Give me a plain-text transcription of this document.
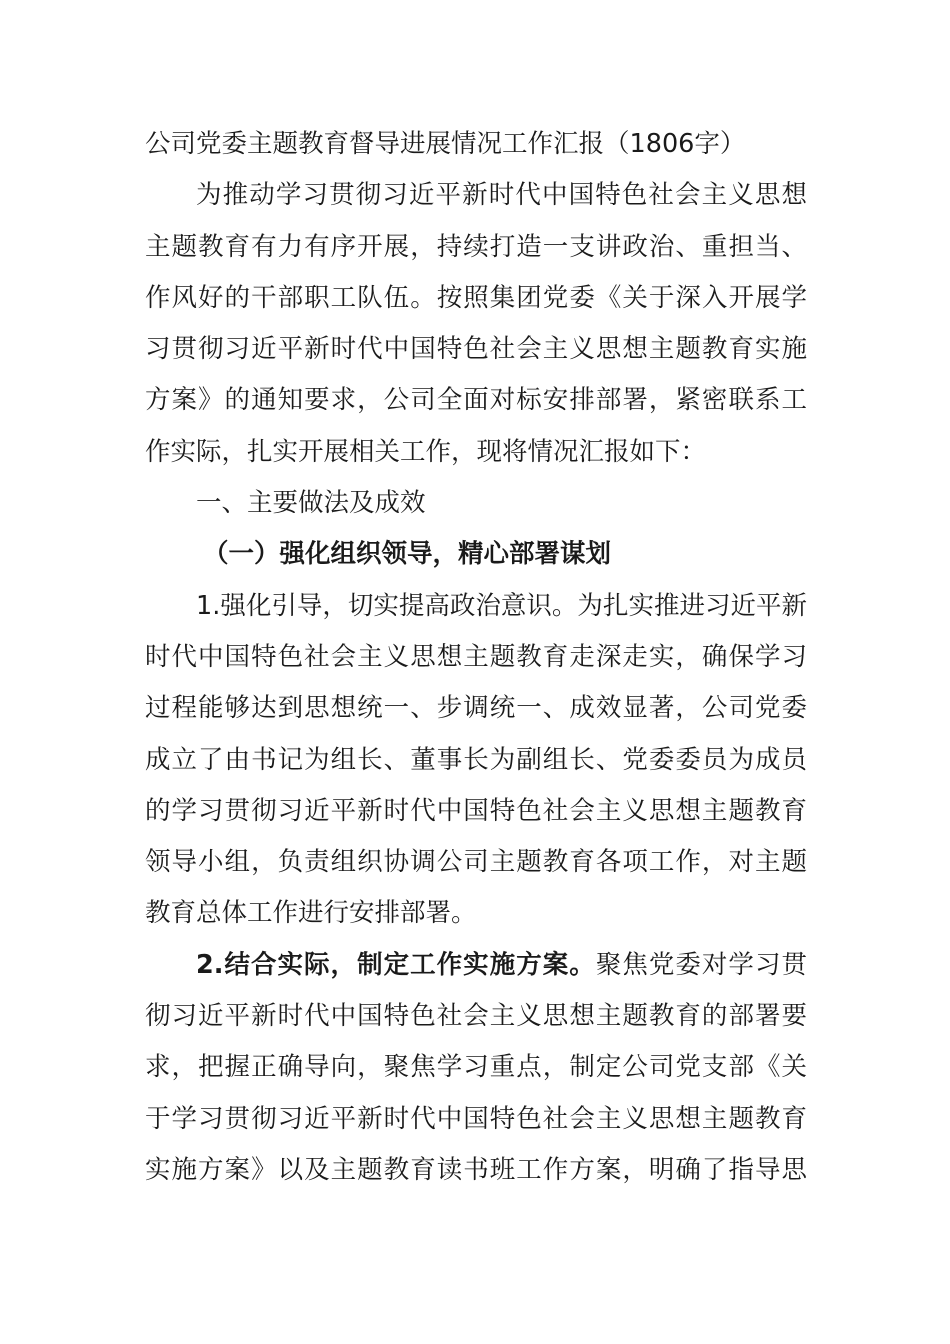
公司党委主题教育督导进展情况工作汇报（1806字）
为推动学习贯彻习近平新时代中国特色社会主义思想
主题教育有力有序开展，持续打造一支讲政治、重担当、
作风好的干部职工队伍。按照集团党委《关于深入开展学
习贯彻习近平新时代中国特色社会主义思想主题教育实施
方案》的通知要求，公司全面对标安排部署，紧密联系工
作实际，扎实开展相关工作，现将情况汇报如下：
一、主要做法及成效
（一）强化组织领导，精心部署谋划
1.强化引导，切实提高政治意识。为扎实推进习近平新
时代中国特色社会主义思想主题教育走深走实，确保学习
过程能够达到思想统一、步调统一、成效显著，公司党委
成立了由书记为组长、董事长为副组长、党委委员为成员
的学习贯彻习近平新时代中国特色社会主义思想主题教育
领导小组，负责组织协调公司主题教育各项工作，对主题
教育总体工作进行安排部署。
2.结合实际，制定工作实施方案。聚焦党委对学习贯
彻习近平新时代中国特色社会主义思想主题教育的部署要
求，把握正确导向，聚焦学习重点，制定公司党支部《关
于学习贯彻习近平新时代中国特色社会主义思想主题教育
实施方案》以及主题教育读书班工作方案，明确了指导思
